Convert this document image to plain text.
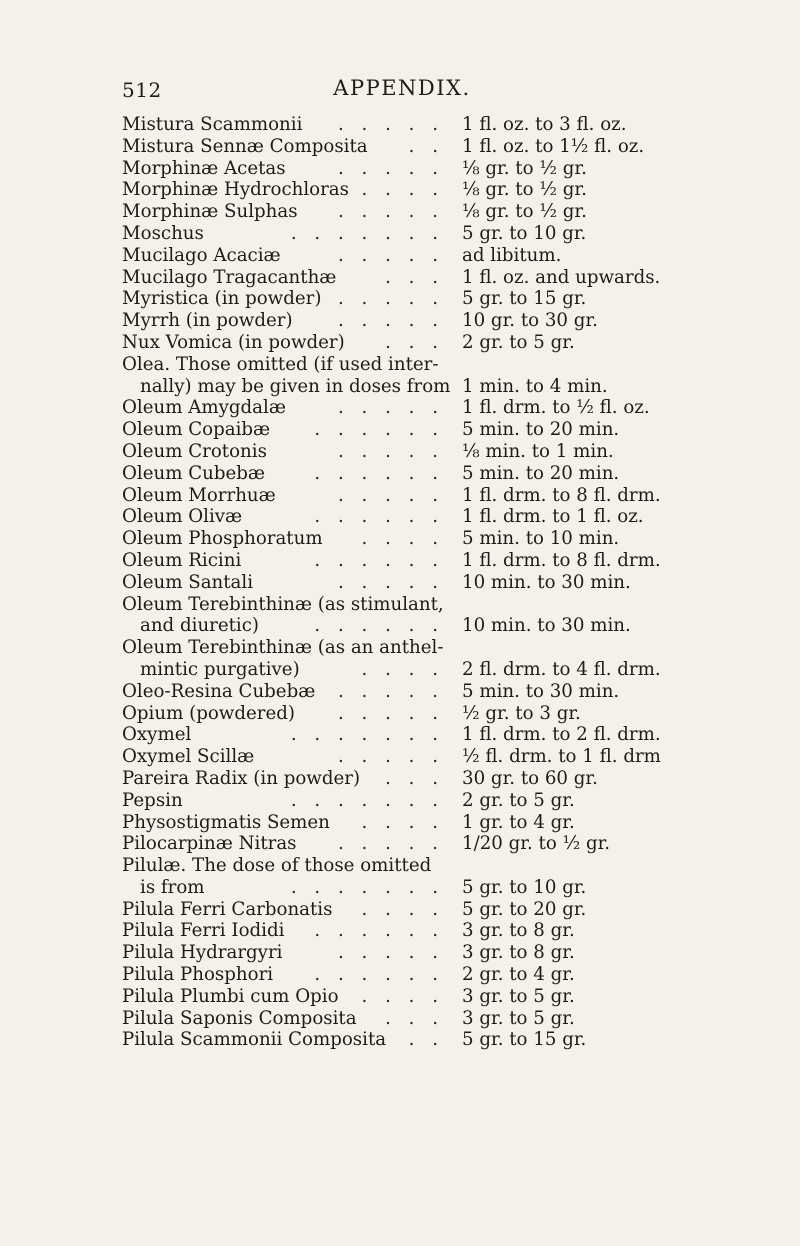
512	APPENDIX.
Mistura Scammonii	. . . . . 1 fl. oz. to 3 fl. oz.
Mistura Sennæ Composita	. . 1 fl. oz. to 1½ fl. oz.
Morphinæ Acetas	. . . . . ⅛ gr. to ½ gr.
Morphinæ Hydrochloras . . . . ⅛ gr. to ½ gr.
Morphinæ Sulphas	. . . . . ⅛ gr. to ½ gr.
Moschus	. . . . . . . 5 gr. to 10 gr.
Mucilago Acaciæ	. . . . . ad libitum.
Mucilago Tragacanthæ	. . . 1 fl. oz. and upwards.
Myristica (in powder) . . . . . 5 gr. to 15 gr.
Myrrh (in powder)	. . . . . 10 gr. to 30 gr.
Nux Vomica (in powder)	. . . 2 gr. to 5 gr.
Olea. Those omitted (if used inter-
nally) may be given in doses from 1 min. to 4 min.
Oleum Amygdalæ	. . . . . 1 fl. drm. to ½ fl. oz.
Oleum Copaibæ	. . . . . . 5 min. to 20 min.
Oleum Crotonis	. . . . . ⅛ min. to 1 min.
Oleum Cubebæ	. . . . . . 5 min. to 20 min.
Oleum Morrhuæ	. . . . . 1 fl. drm. to 8 fl. drm.
Oleum Olivæ	. . . . . . 1 fl. drm. to 1 fl. oz.
Oleum Phosphoratum	. . . . 5 min. to 10 min.
Oleum Ricini	. . . . . . 1 fl. drm. to 8 fl. drm.
Oleum Santali	. . . . . 10 min. to 30 min.
Oleum Terebinthinæ (as stimulant,
and diuretic)	. . . . . . 10 min. to 30 min.
Oleum Terebinthinæ (as an anthel-
mintic purgative)	. . . . 2 fl. drm. to 4 fl. drm.
Oleo-Resina Cubebæ	. . . . . 5 min. to 30 min.
Opium (powdered)	. . . . . ½ gr. to 3 gr.
Oxymel	. . . . . . . 1 fl. drm. to 2 fl. drm.
Oxymel Scillæ	. . . . . ½ fl. drm. to 1 fl. drm
Pareira Radix (in powder)	. . . 30 gr. to 60 gr.
Pepsin	. . . . . . . 2 gr. to 5 gr.
Physostigmatis Semen	. . . . 1 gr. to 4 gr.
Pilocarpinæ Nitras	. . . . . 1/20 gr. to ½ gr.
Pilulæ. The dose of those omitted
is from	. . . . . . . 5 gr. to 10 gr.
Pilula Ferri Carbonatis	. . . . 5 gr. to 20 gr.
Pilula Ferri Iodidi	. . . . . . 3 gr. to 8 gr.
Pilula Hydrargyri	. . . . . 3 gr. to 8 gr.
Pilula Phosphori	. . . . . . 2 gr. to 4 gr.
Pilula Plumbi cum Opio	. . . . 3 gr. to 5 gr.
Pilula Saponis Composita	. . . 3 gr. to 5 gr.
Pilula Scammonii Composita	. . 5 gr. to 15 gr.
